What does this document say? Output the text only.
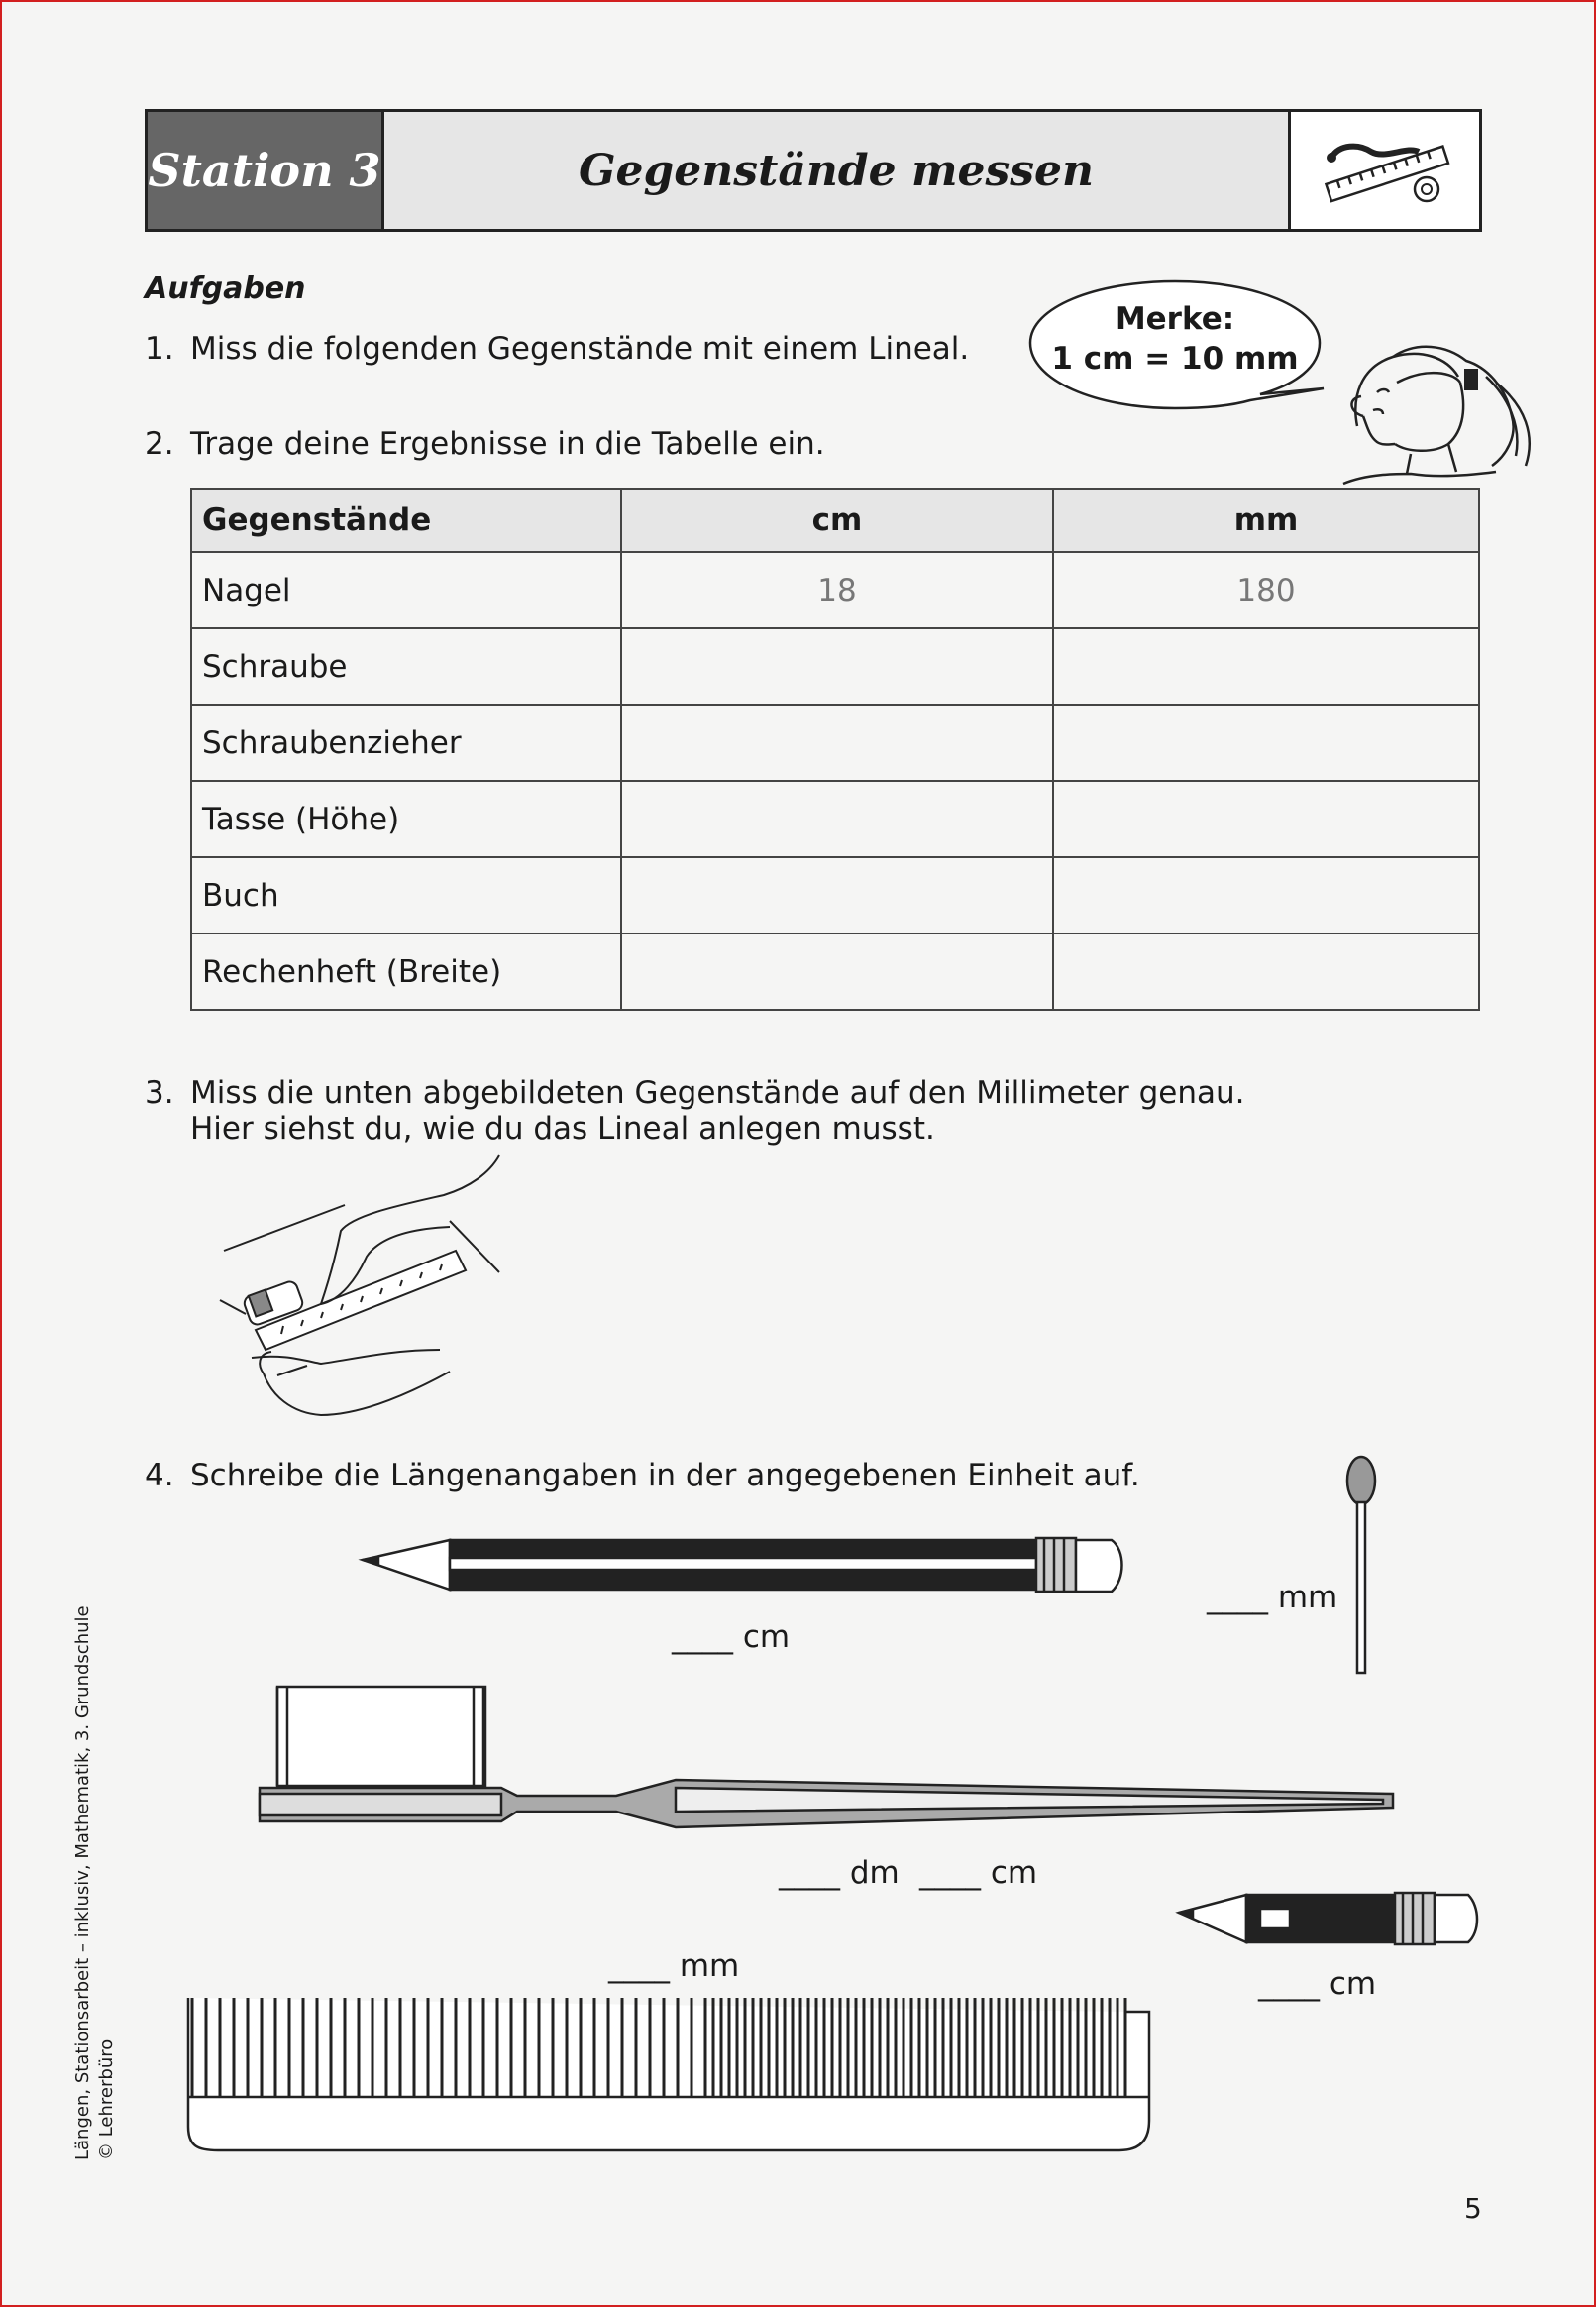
Station 3	Gegenstände messen
Aufgaben
1. Miss die folgenden Gegenstände mit einem Lineal.
2. Trage deine Ergebnisse in die Tabelle ein.
Merke:
1 cm = 10 mm
Gegenstände	cm	mm
Nagel	18	180
Schraube		
Schraubenzieher		
Tasse (Höhe)		
Buch		
Rechenheft (Breite)		
3. Miss die unten abgebildeten Gegenstände auf den Millimeter genau.
Hier siehst du, wie du das Lineal anlegen musst.
4. Schreibe die Längenangaben in der angegebenen Einheit auf.
____ cm
____ mm
____ dm ____ cm
____ cm
____ mm
Längen, Stationsarbeit – inklusiv, Mathematik, 3. Grundschule © Lehrerbüro
5
